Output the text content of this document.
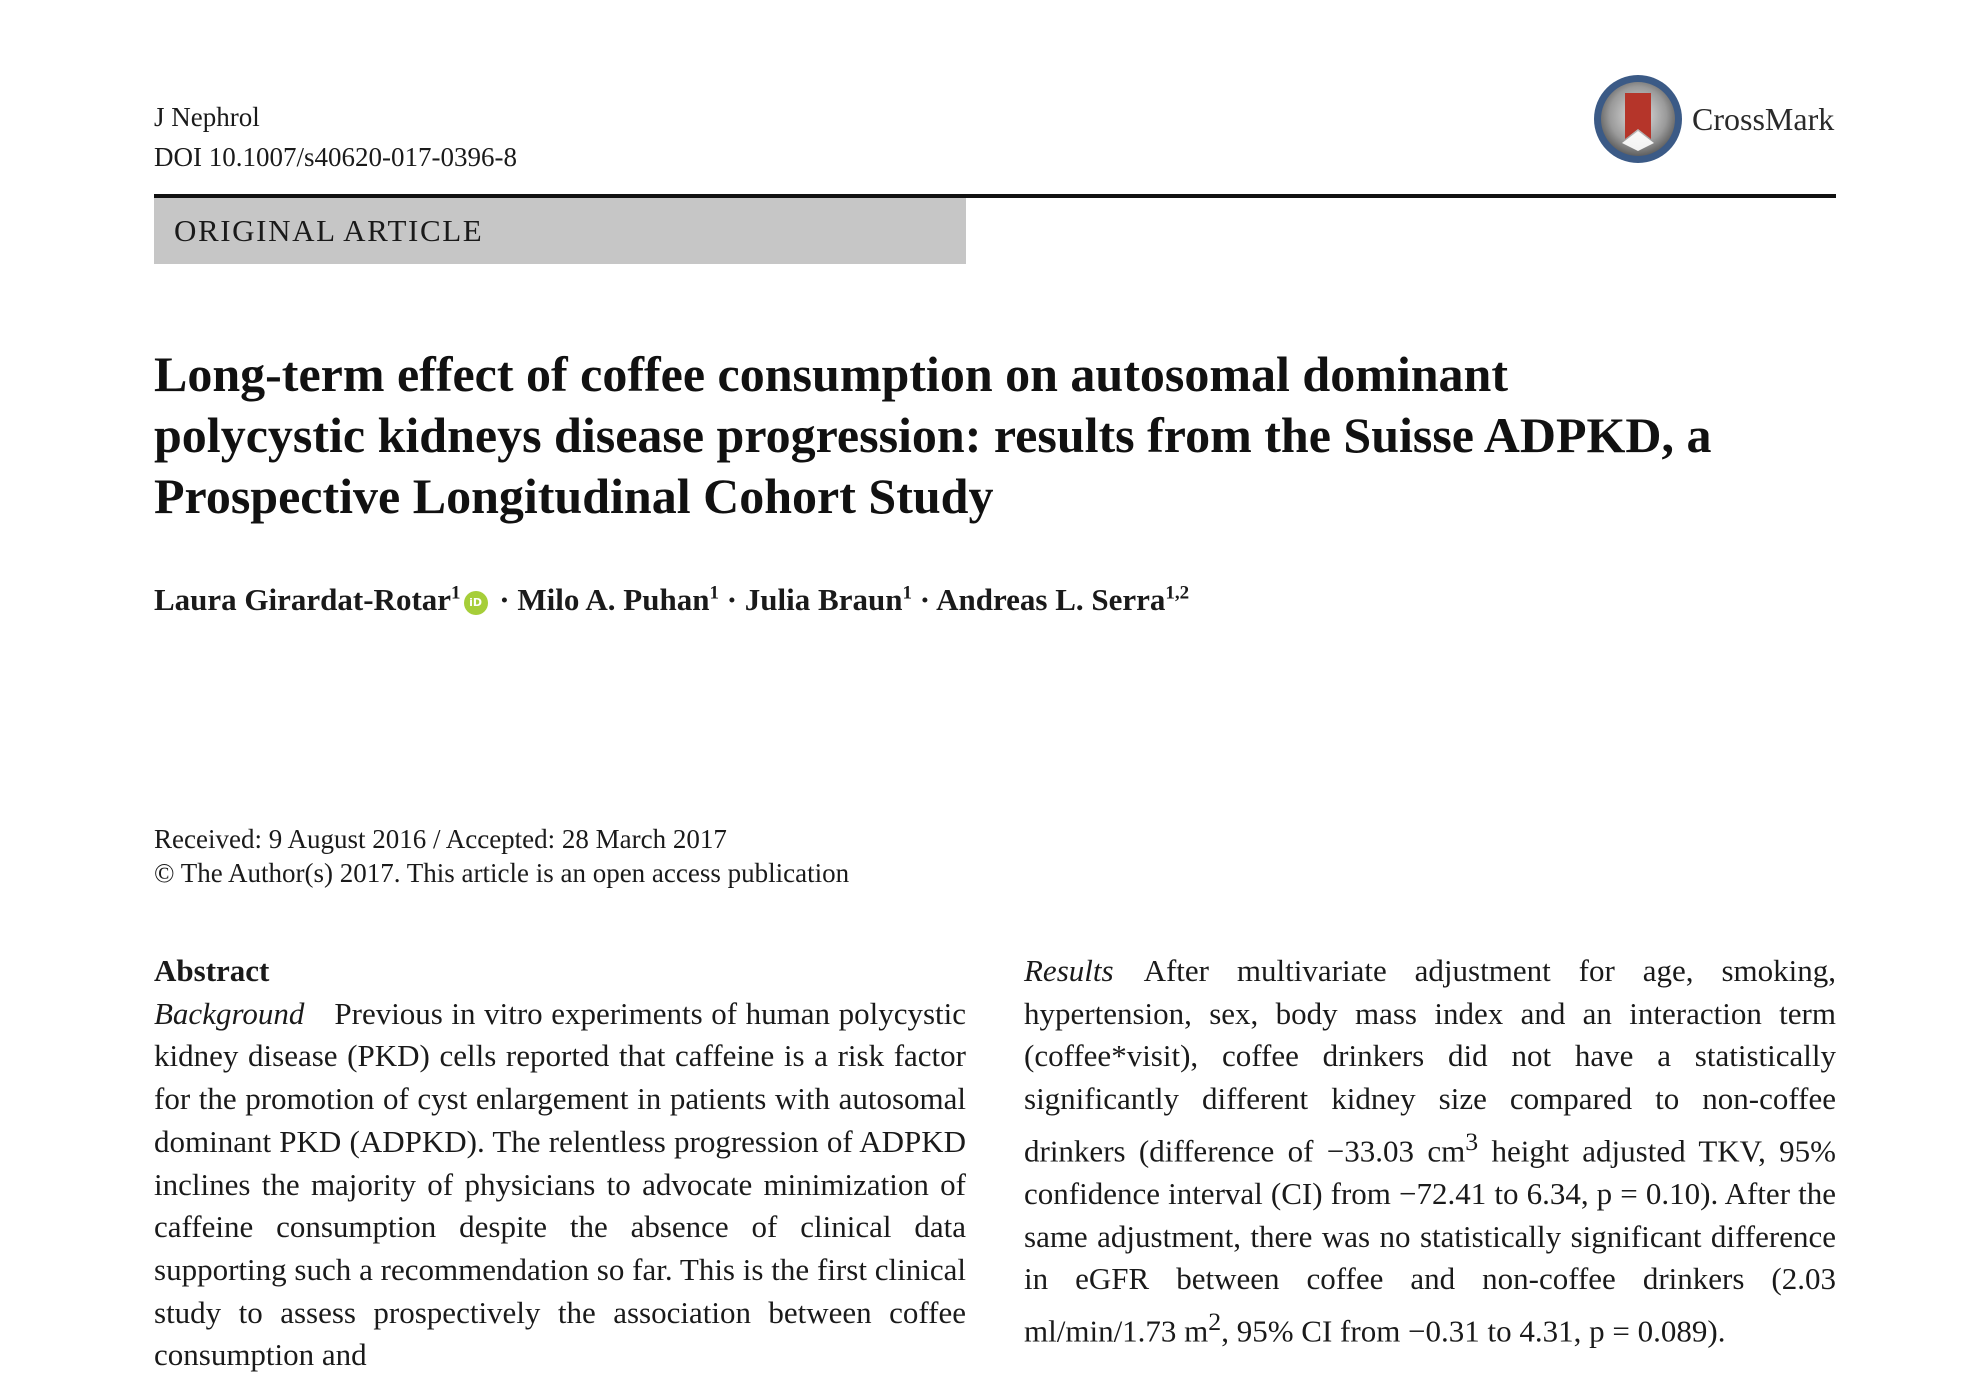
J Nephrol
DOI 10.1007/s40620-017-0396-8
CrossMark
ORIGINAL ARTICLE
Long-term effect of coffee consumption on autosomal dominant polycystic kidneys disease progression: results from the Suisse ADPKD, a Prospective Longitudinal Cohort Study
Laura Girardat-Rotar$^1$ iD · Milo A. Puhan$^1$ · Julia Braun$^1$ · Andreas L. Serra$^{1,2}$
Received: 9 August 2016 / Accepted: 28 March 2017
© The Author(s) 2017. This article is an open access publication

Abstract
Background Previous in vitro experiments of human polycystic kidney disease (PKD) cells reported that caffeine is a risk factor for the promotion of cyst enlargement in patients with autosomal dominant PKD (ADPKD). The relentless progression of ADPKD inclines the majority of physicians to advocate minimization of caffeine consumption despite the absence of clinical data supporting such a recommendation so far. This is the first clinical study to assess prospectively the association between coffee consumption and

Results After multivariate adjustment for age, smoking, hypertension, sex, body mass index and an interaction term (coffee*visit), coffee drinkers did not have a statistically significantly different kidney size compared to non-coffee drinkers (difference of −33.03 $cm^3$ height adjusted TKV, 95% confidence interval (CI) from −72.41 to 6.34, p = 0.10). After the same adjustment, there was no statistically significant difference in eGFR between coffee and non-coffee drinkers (2.03 ml/min/1.73 $m^2$, 95% CI from −0.31 to 4.31, p = 0.089).
